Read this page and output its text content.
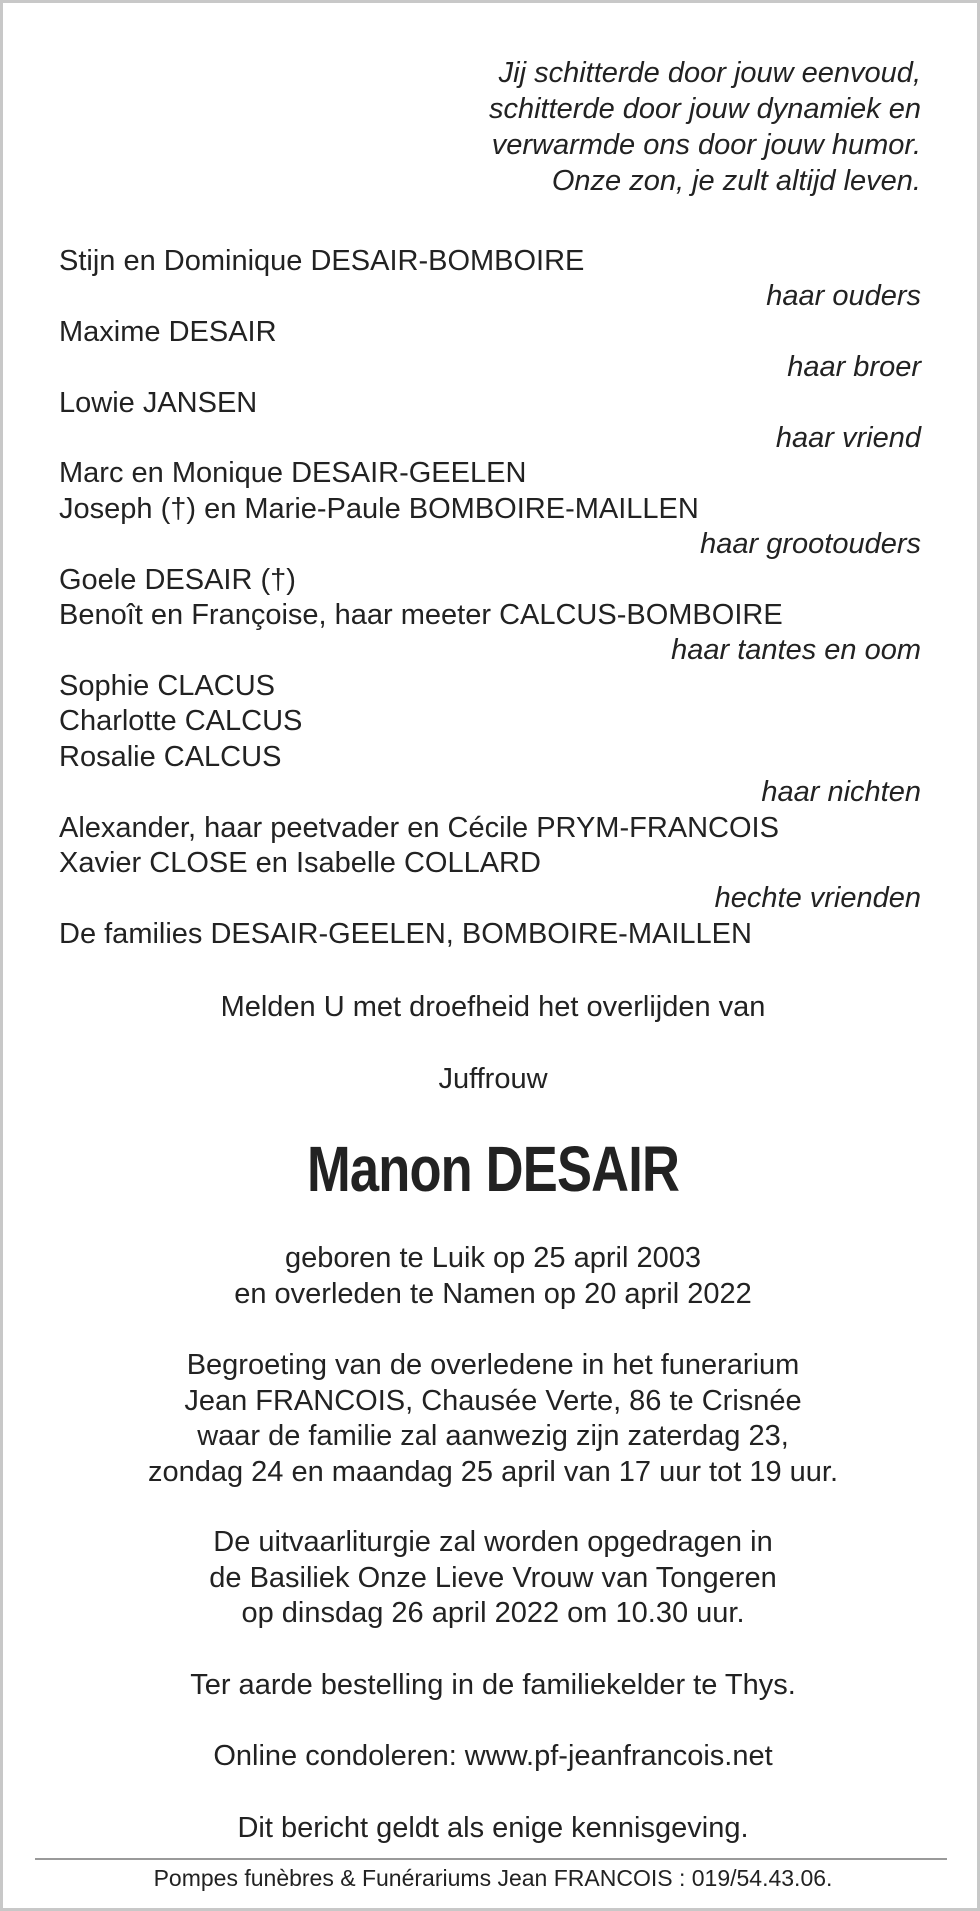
Jij schitterde door jouw eenvoud,
schitterde door jouw dynamiek en
verwarmde ons door jouw humor.
Onze zon, je zult altijd leven.
Stijn en Dominique DESAIR-BOMBOIRE
haar ouders
Maxime DESAIR
haar broer
Lowie JANSEN
haar vriend
Marc en Monique DESAIR-GEELEN
Joseph (†) en Marie-Paule BOMBOIRE-MAILLEN
haar grootouders
Goele DESAIR (†)
Benoît en Françoise, haar meeter CALCUS-BOMBOIRE
haar tantes en oom
Sophie CLACUS
Charlotte CALCUS
Rosalie CALCUS
haar nichten
Alexander, haar peetvader en Cécile PRYM-FRANCOIS
Xavier CLOSE en Isabelle COLLARD
hechte vrienden
De families DESAIR-GEELEN, BOMBOIRE-MAILLEN
Melden U met droefheid het overlijden van
Juffrouw
Manon DESAIR
geboren te Luik op 25 april 2003
en overleden te Namen op 20 april 2022
Begroeting van de overledene in het funerarium
Jean FRANCOIS, Chausée Verte, 86 te Crisnée
waar de familie zal aanwezig zijn zaterdag 23,
zondag 24 en maandag 25 april van 17 uur tot 19 uur.
De uitvaarliturgie zal worden opgedragen in
de Basiliek Onze Lieve Vrouw van Tongeren
op dinsdag 26 april 2022 om 10.30 uur.
Ter aarde bestelling in de familiekelder te Thys.
Online condoleren: www.pf-jeanfrancois.net
Dit bericht geldt als enige kennisgeving.
Pompes funèbres & Funérariums Jean FRANCOIS : 019/54.43.06.
